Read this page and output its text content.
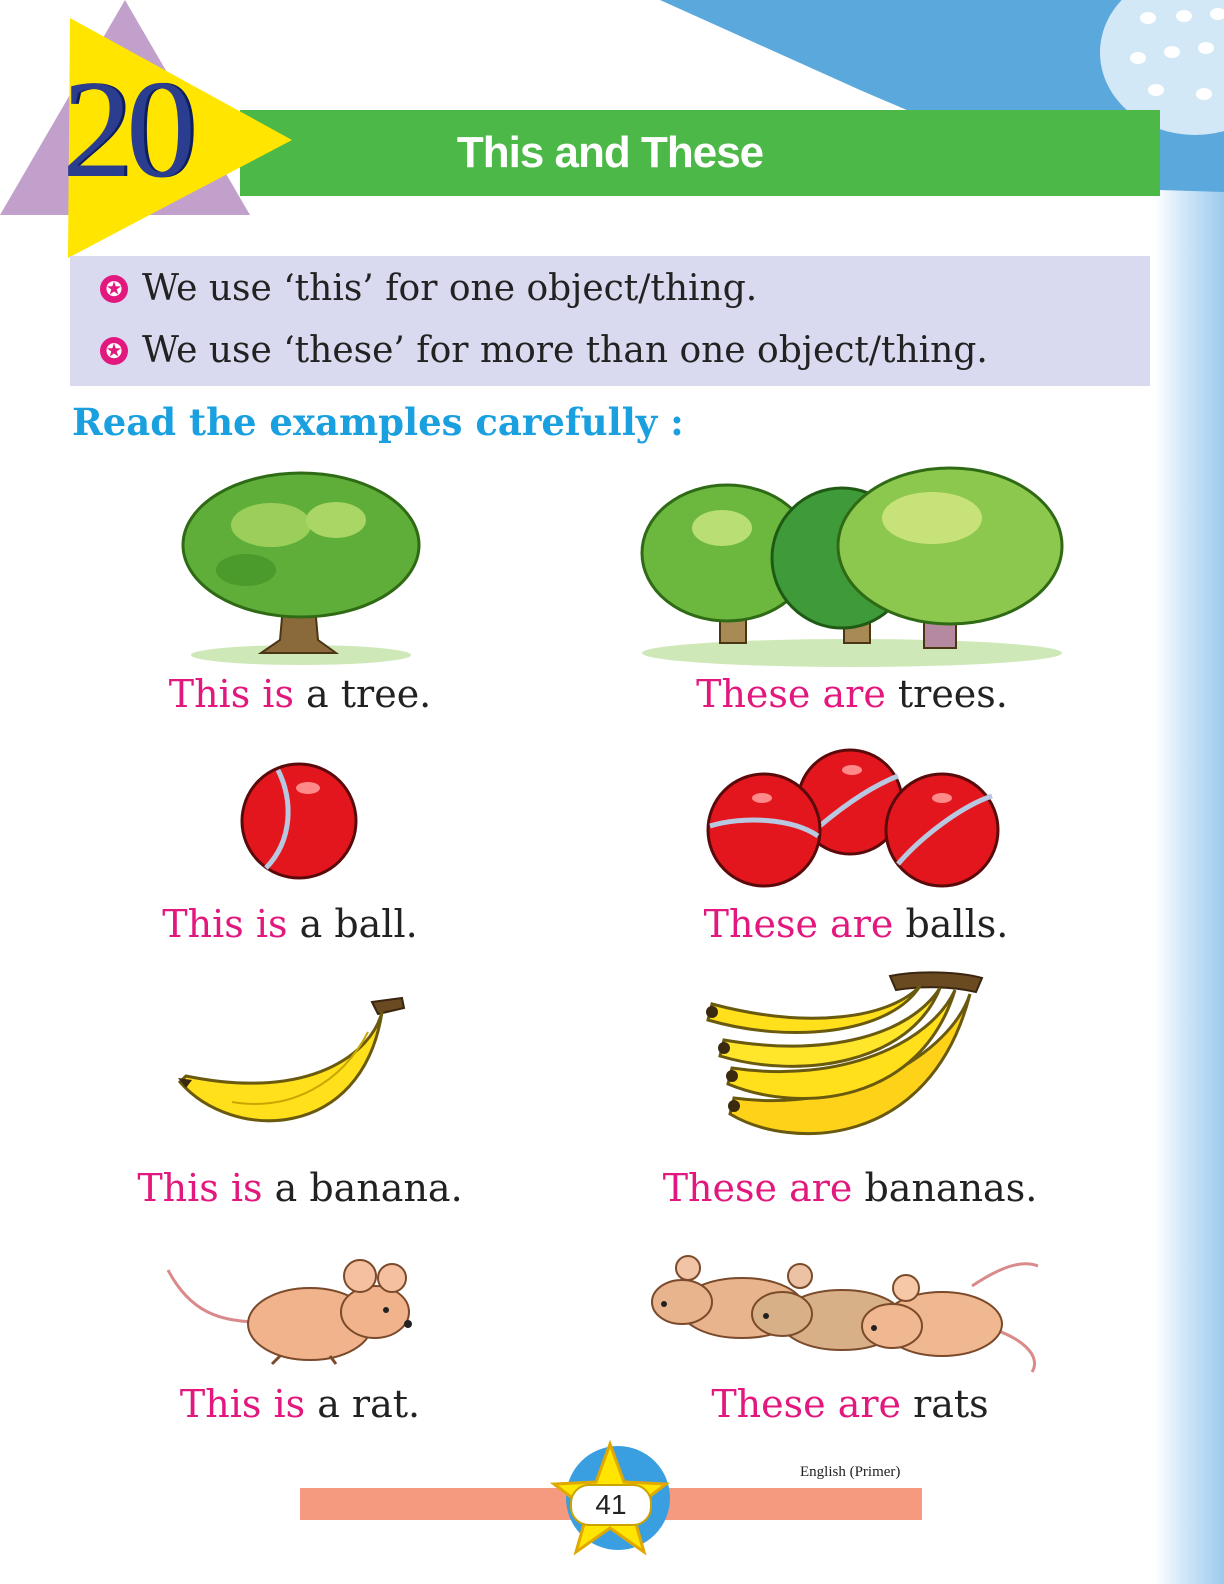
This and These
20
✪ We use ‘this’ for one object/thing.
✪ We use ‘these’ for more than one object/thing.
Read the examples carefully :
This is a tree.	These are trees.
This is a ball.	These are balls.
This is a banana.	These are bananas.
This is a rat.	These are rats
English (Primer)
41
